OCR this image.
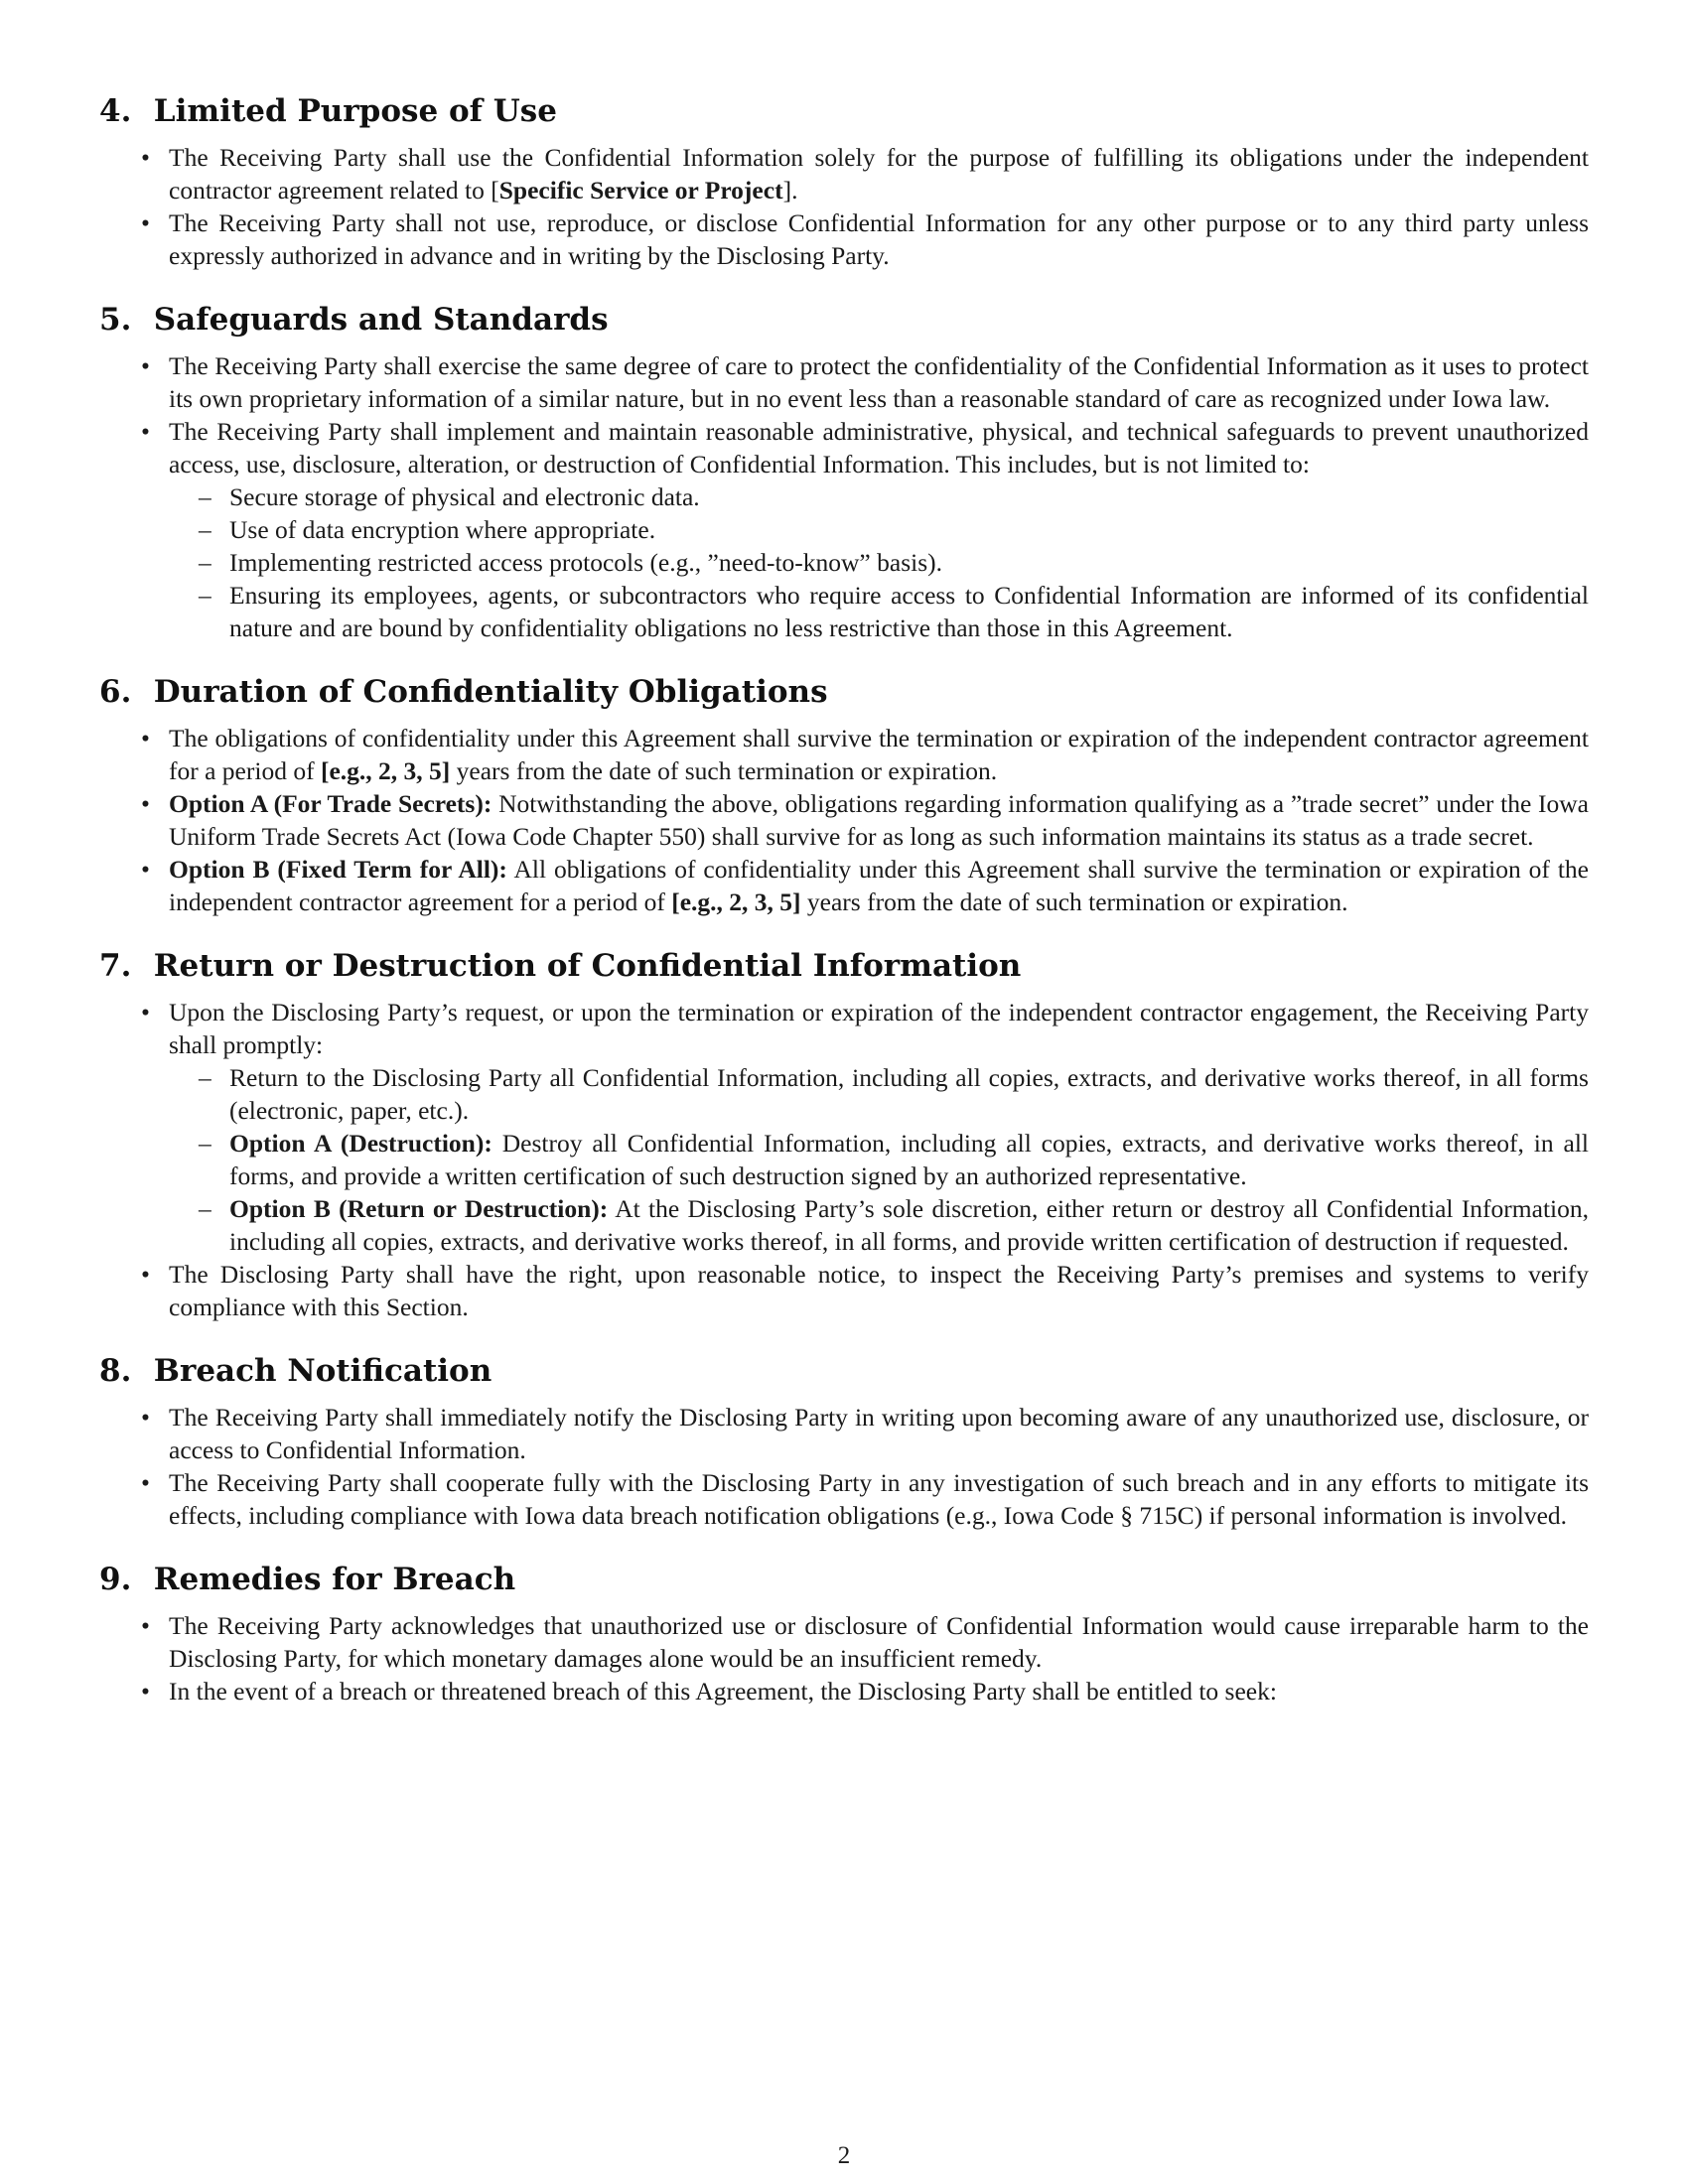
4. Limited Purpose of Use
• The Receiving Party shall use the Confidential Information solely for the purpose of fulfilling its obligations under the independent contractor agreement related to [Specific Service or Project].
• The Receiving Party shall not use, reproduce, or disclose Confidential Information for any other purpose or to any third party unless expressly authorized in advance and in writing by the Disclosing Party.
5. Safeguards and Standards
• The Receiving Party shall exercise the same degree of care to protect the confidentiality of the Confidential Information as it uses to protect its own proprietary information of a similar nature, but in no event less than a reasonable standard of care as recognized under Iowa law.
• The Receiving Party shall implement and maintain reasonable administrative, physical, and technical safeguards to prevent unauthorized access, use, disclosure, alteration, or destruction of Confidential Information. This includes, but is not limited to:
– Secure storage of physical and electronic data.
– Use of data encryption where appropriate.
– Implementing restricted access protocols (e.g., ”need-to-know” basis).
– Ensuring its employees, agents, or subcontractors who require access to Confidential Information are informed of its confidential nature and are bound by confidentiality obligations no less restrictive than those in this Agreement.
6. Duration of Confidentiality Obligations
• The obligations of confidentiality under this Agreement shall survive the termination or expiration of the independent contractor agreement for a period of [e.g., 2, 3, 5] years from the date of such termination or expiration.
• Option A (For Trade Secrets): Notwithstanding the above, obligations regarding information qualifying as a ”trade secret” under the Iowa Uniform Trade Secrets Act (Iowa Code Chapter 550) shall survive for as long as such information maintains its status as a trade secret.
• Option B (Fixed Term for All): All obligations of confidentiality under this Agreement shall survive the termination or expiration of the independent contractor agreement for a period of [e.g., 2, 3, 5] years from the date of such termination or expiration.
7. Return or Destruction of Confidential Information
• Upon the Disclosing Party’s request, or upon the termination or expiration of the independent contractor engagement, the Receiving Party shall promptly:
– Return to the Disclosing Party all Confidential Information, including all copies, extracts, and derivative works thereof, in all forms (electronic, paper, etc.).
– Option A (Destruction): Destroy all Confidential Information, including all copies, extracts, and derivative works thereof, in all forms, and provide a written certification of such destruction signed by an authorized representative.
– Option B (Return or Destruction): At the Disclosing Party’s sole discretion, either return or destroy all Confidential Information, including all copies, extracts, and derivative works thereof, in all forms, and provide written certification of destruction if requested.
• The Disclosing Party shall have the right, upon reasonable notice, to inspect the Receiving Party’s premises and systems to verify compliance with this Section.
8. Breach Notification
• The Receiving Party shall immediately notify the Disclosing Party in writing upon becoming aware of any unauthorized use, disclosure, or access to Confidential Information.
• The Receiving Party shall cooperate fully with the Disclosing Party in any investigation of such breach and in any efforts to mitigate its effects, including compliance with Iowa data breach notification obligations (e.g., Iowa Code § 715C) if personal information is involved.
9. Remedies for Breach
• The Receiving Party acknowledges that unauthorized use or disclosure of Confidential Information would cause irreparable harm to the Disclosing Party, for which monetary damages alone would be an insufficient remedy.
• In the event of a breach or threatened breach of this Agreement, the Disclosing Party shall be entitled to seek:
2
